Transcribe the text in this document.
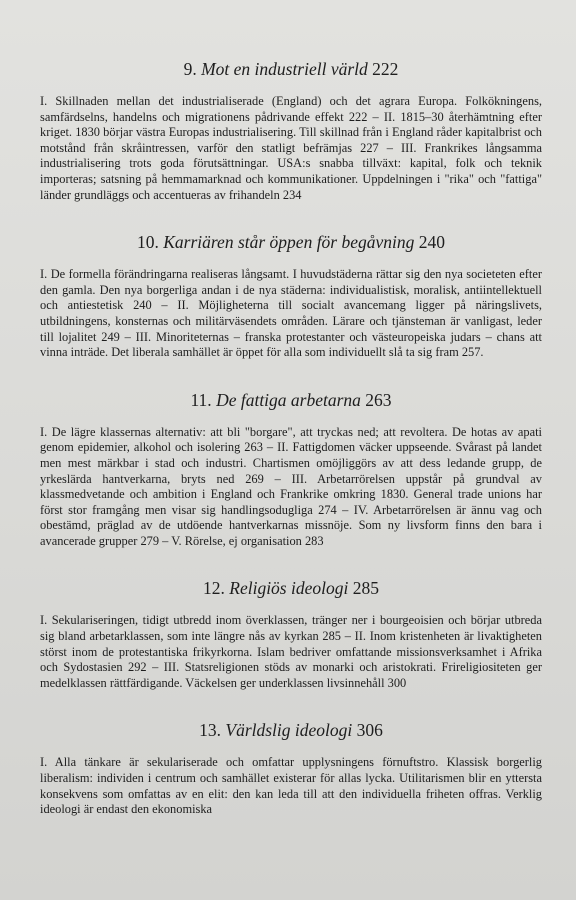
9. Mot en industriell värld 222

I. Skillnaden mellan det industrialiserade (England) och det agrara Europa. Folkökningens, samfärdselns, handelns och migrationens pådrivande effekt 222 – II. 1815–30 återhämtning efter kriget. 1830 börjar västra Europas industrialisering. Till skillnad från i England råder kapitalbrist och motstånd från skråintressen, varför den statligt befrämjas 227 – III. Frankrikes långsamma industrialisering trots goda förutsättningar. USA:s snabba tillväxt: kapital, folk och teknik importeras; satsning på hemmamarknad och kommunikationer. Uppdelningen i "rika" och "fattiga" länder grundläggs och accentueras av frihandeln 234

10. Karriären står öppen för begåvning 240

I. De formella förändringarna realiseras långsamt. I huvudstäderna rättar sig den nya societeten efter den gamla. Den nya borgerliga andan i de nya städerna: individualistisk, moralisk, antiintellektuell och antiestetisk 240 – II. Möjligheterna till socialt avancemang ligger på näringslivets, utbildningens, konsternas och militärväsendets områden. Lärare och tjänsteman är vanligast, leder till lojalitet 249 – III. Minoriteternas – franska protestanter och västeuropeiska judars – chans att vinna inträde. Det liberala samhället är öppet för alla som individuellt slå ta sig fram 257.

11. De fattiga arbetarna 263

I. De lägre klassernas alternativ: att bli "borgare", att tryckas ned; att revoltera. De hotas av apati genom epidemier, alkohol och isolering 263 – II. Fattigdomen väcker uppseende. Svårast på landet men mest märkbar i stad och industri. Chartismen omöjliggörs av att dess ledande grupp, de yrkeslärda hantverkarna, bryts ned 269 – III. Arbetarrörelsen uppstår på grundval av klassmedvetande och ambition i England och Frankrike omkring 1830. General trade unions har först stor framgång men visar sig handlingsodugliga 274 – IV. Arbetarrörelsen är ännu vag och obestämd, präglad av de utdöende hantverkarnas missnöje. Som ny livsform finns den bara i avancerade grupper 279 – V. Rörelse, ej organisation 283

12. Religiös ideologi 285

I. Sekulariseringen, tidigt utbredd inom överklassen, tränger ner i bourgeoisien och börjar utbreda sig bland arbetarklassen, som inte längre nås av kyrkan 285 – II. Inom kristenheten är livaktigheten störst inom de protestantiska frikyrkorna. Islam bedriver omfattande missionsverksamhet i Afrika och Sydostasien 292 – III. Statsreligionen stöds av monarki och aristokrati. Frireligiositeten ger medelklassen rättfärdigande. Väckelsen ger underklassen livsinnehåll 300

13. Världslig ideologi 306

I. Alla tänkare är sekulariserade och omfattar upplysningens förnuftstro. Klassisk borgerlig liberalism: individen i centrum och samhället existerar för allas lycka. Utilitarismen blir en yttersta konsekvens som omfattas av en elit: den kan leda till att den individuella friheten offras. Verklig ideologi är endast den ekonomiska
